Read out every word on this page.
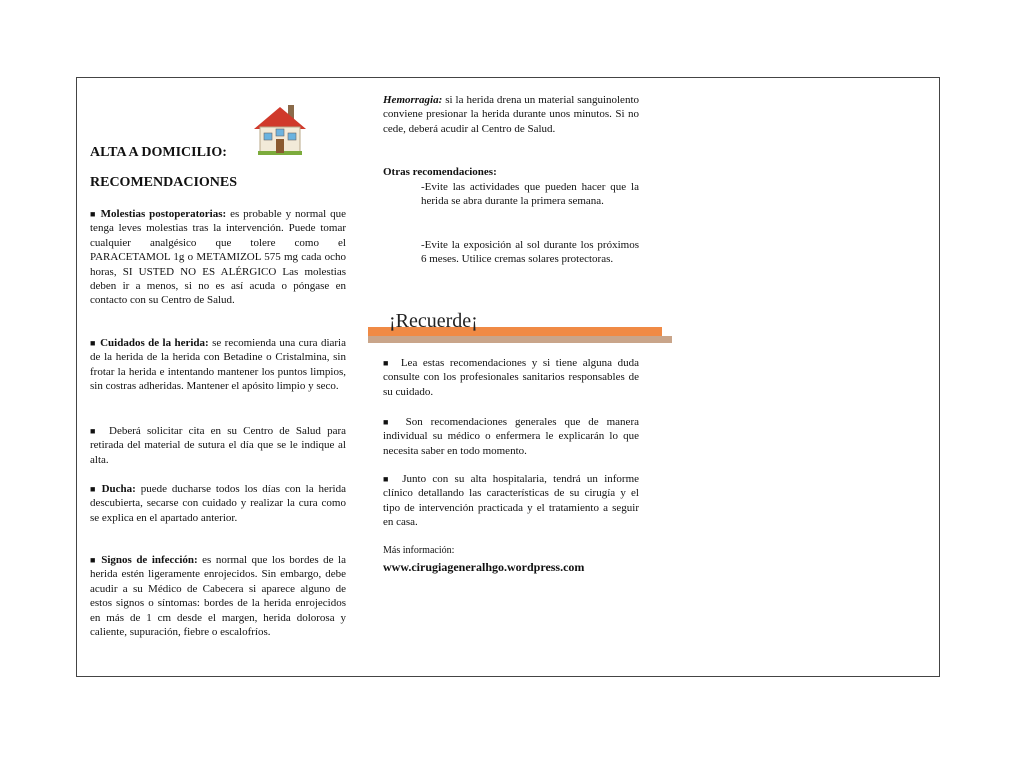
ALTA A DOMICILIO:
RECOMENDACIONES
■ Molestias postoperatorias: es probable y normal que tenga leves molestias tras la intervención. Puede tomar cualquier analgésico que tolere como el PARACETAMOL 1g o METAMIZOL 575 mg cada ocho horas, SI USTED NO ES ALÉRGICO Las molestias deben ir a menos, si no es así acuda o póngase en contacto con su Centro de Salud.
■ Cuidados de la herida: se recomienda una cura diaria de la herida de la herida con Betadine o Cristalmina, sin frotar la herida e intentando mantener los puntos limpios, sin costras adheridas. Mantener el apósito limpio y seco.
■ Deberá solicitar cita en su Centro de Salud para retirada del material de sutura el día que se le indique al alta.
■ Ducha: puede ducharse todos los días con la herida descubierta, secarse con cuidado y realizar la cura como se explica en el apartado anterior.
■ Signos de infección: es normal que los bordes de la herida estén ligeramente enrojecidos. Sin embargo, debe acudir a su Médico de Cabecera si aparece alguno de estos signos o síntomas: bordes de la herida enrojecidos en más de 1 cm desde el margen, herida dolorosa y caliente, supuración, fiebre o escalofríos.
Hemorragia: si la herida drena un material sanguinolento conviene presionar la herida durante unos minutos. Si no cede, deberá acudir al Centro de Salud.
Otras recomendaciones:
-Evite las actividades que pueden hacer que la herida se abra durante la primera semana.
-Evite la exposición al sol durante los próximos 6 meses. Utilice cremas solares protectoras.
¡Recuerde¡
■ Lea estas recomendaciones y si tiene alguna duda consulte con los profesionales sanitarios responsables de su cuidado.
■ Son recomendaciones generales que de manera individual su médico o enfermera le explicarán lo que necesita saber en todo momento.
■ Junto con su alta hospitalaria, tendrá un informe clínico detallando las características de su cirugía y el tipo de intervención practicada y el tratamiento a seguir en casa.
Más información:
www.cirugiageneralhgo.wordpress.com
